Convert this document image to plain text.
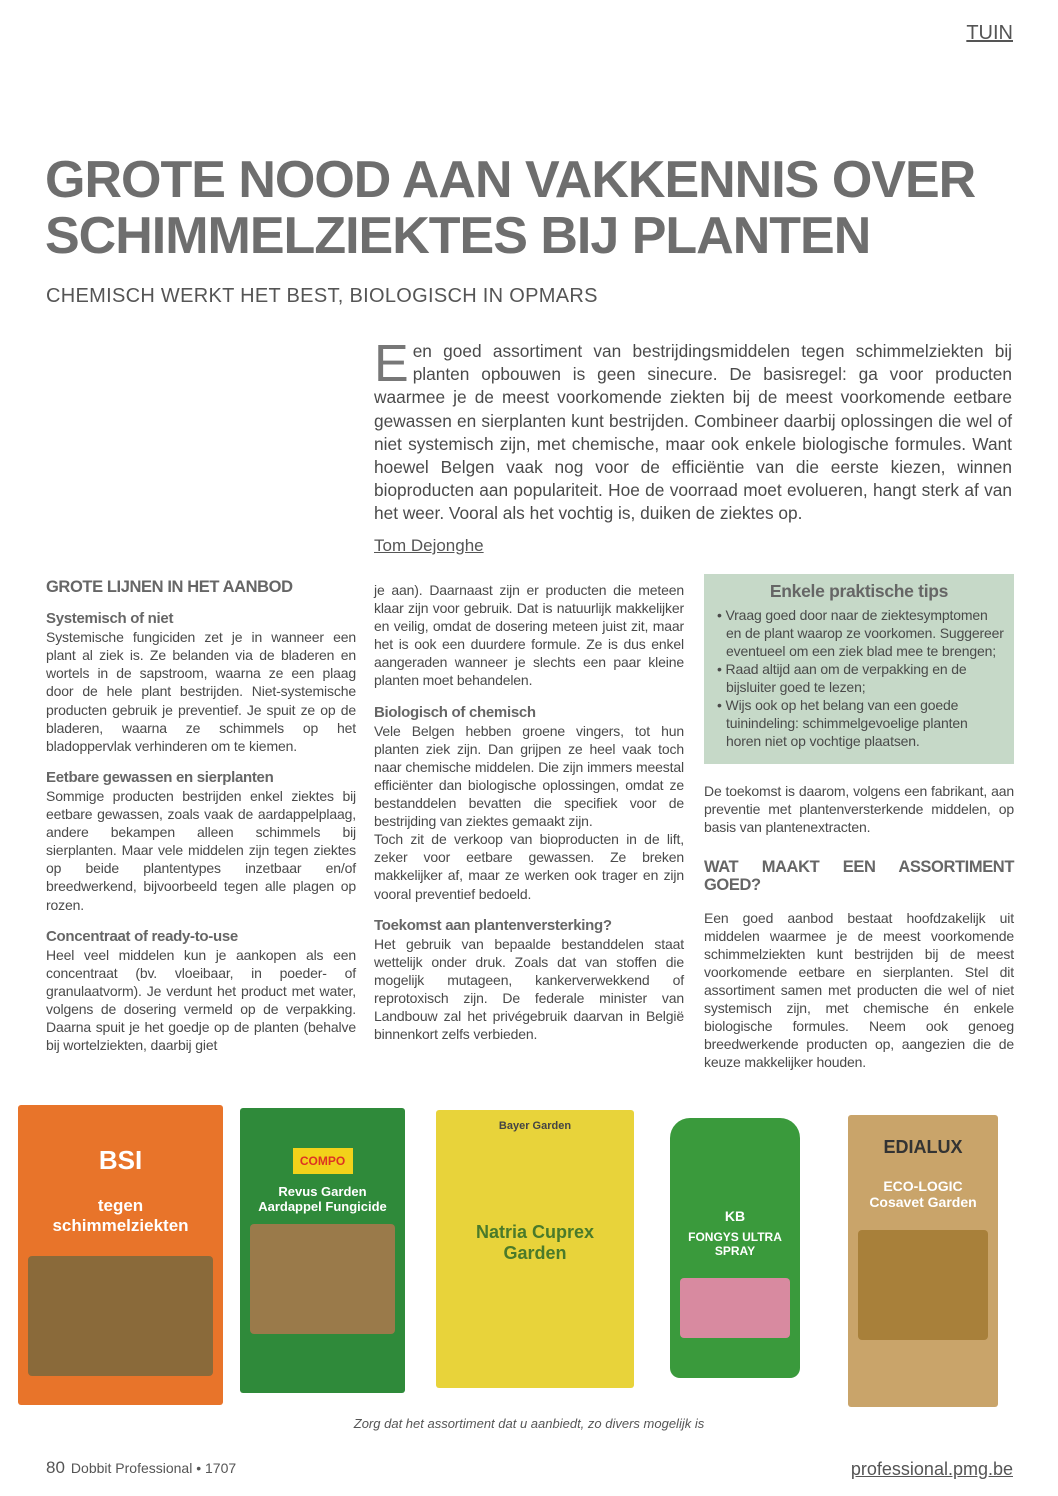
TUIN
GROTE NOOD AAN VAKKENNIS OVER SCHIMMELZIEKTES BIJ PLANTEN
CHEMISCH WERKT HET BEST, BIOLOGISCH IN OPMARS
Een goed assortiment van bestrijdingsmiddelen tegen schimmelziekten bij planten opbouwen is geen sinecure. De basisregel: ga voor producten waarmee je de meest voorkomende ziekten bij de meest voorkomende eetbare gewassen en sierplanten kunt bestrijden. Combineer daarbij oplossingen die wel of niet systemisch zijn, met chemische, maar ook enkele biologische formules. Want hoewel Belgen vaak nog voor de efficiëntie van die eerste kiezen, winnen bioproducten aan populariteit. Hoe de voorraad moet evolueren, hangt sterk af van het weer. Vooral als het vochtig is, duiken de ziektes op.
Tom Dejonghe
GROTE LIJNEN IN HET AANBOD
Systemisch of niet

Systemische fungiciden zet je in wanneer een plant al ziek is. Ze belanden via de bladeren en wortels in de sapstroom, waarna ze een plaag door de hele plant bestrijden. Niet-systemische producten gebruik je preventief. Je spuit ze op de bladeren, waarna ze schimmels op het bladoppervlak verhinderen om te kiemen.

Eetbare gewassen en sierplanten

Sommige producten bestrijden enkel ziektes bij eetbare gewassen, zoals vaak de aardappelplaag, andere bekampen alleen schimmels bij sierplanten. Maar vele middelen zijn tegen ziektes op beide plantentypes inzetbaar en/of breedwerkend, bijvoorbeeld tegen alle plagen op rozen.

Concentraat of ready-to-use

Heel veel middelen kun je aankopen als een concentraat (bv. vloeibaar, in poeder- of granulaatvorm). Je verdunt het product met water, volgens de dosering vermeld op de verpakking. Daarna spuit je het goedje op de planten (behalve bij wortelziekten, daarbij giet

je aan). Daarnaast zijn er producten die meteen klaar zijn voor gebruik. Dat is natuurlijk makkelijker en veilig, omdat de dosering meteen juist zit, maar het is ook een duurdere formule. Ze is dus enkel aangeraden wanneer je slechts een paar kleine planten moet behandelen.

Biologisch of chemisch

Vele Belgen hebben groene vingers, tot hun planten ziek zijn. Dan grijpen ze heel vaak toch naar chemische middelen. Die zijn immers meestal efficiënter dan biologische oplossingen, omdat ze bestanddelen bevatten die specifiek voor de bestrijding van ziektes gemaakt zijn.

Toch zit de verkoop van bioproducten in de lift, zeker voor eetbare gewassen. Ze breken makkelijker af, maar ze werken ook trager en zijn vooral preventief bedoeld.

Toekomst aan plantenversterking?

Het gebruik van bepaalde bestanddelen staat wettelijk onder druk. Zoals dat van stoffen die mogelijk mutageen, kankerverwekkend of reprotoxisch zijn. De federale minister van Landbouw zal het privégebruik daarvan in België binnenkort zelfs verbieden.

Enkele praktische tips
• Vraag goed door naar de ziektesymptomen en de plant waarop ze voorkomen. Suggereer eventueel om een ziek blad mee te brengen;
• Raad altijd aan om de verpakking en de bijsluiter goed te lezen;
• Wijs ook op het belang van een goede tuinindeling: schimmelgevoelige planten horen niet op vochtige plaatsen.

De toekomst is daarom, volgens een fabrikant, aan preventie met plantenversterkende middelen, op basis van plantenextracten.

WAT MAAKT EEN ASSORTIMENT GOED?

Een goed aanbod bestaat hoofdzakelijk uit middelen waarmee je de meest voorkomende schimmelziekten kunt bestrijden bij de meest voorkomende eetbare en sierplanten. Stel dit assortiment samen met producten die wel of niet systemisch zijn, met chemische én enkele biologische formules. Neem ook genoeg breedwerkende producten op, aangezien die de keuze makkelijker houden.

BSI
tegen schimmelziekten
COMPO
Revus Garden Aardappel Fungicide
Bayer Garden
Natria Cuprex Garden
KB
FONGYS ULTRA SPRAY
EDIALUX
ECO-LOGIC Cosavet Garden
Zorg dat het assortiment dat u aanbiedt, zo divers mogelijk is
80 Dobbit Professional • 1707	professional.pmg.be
